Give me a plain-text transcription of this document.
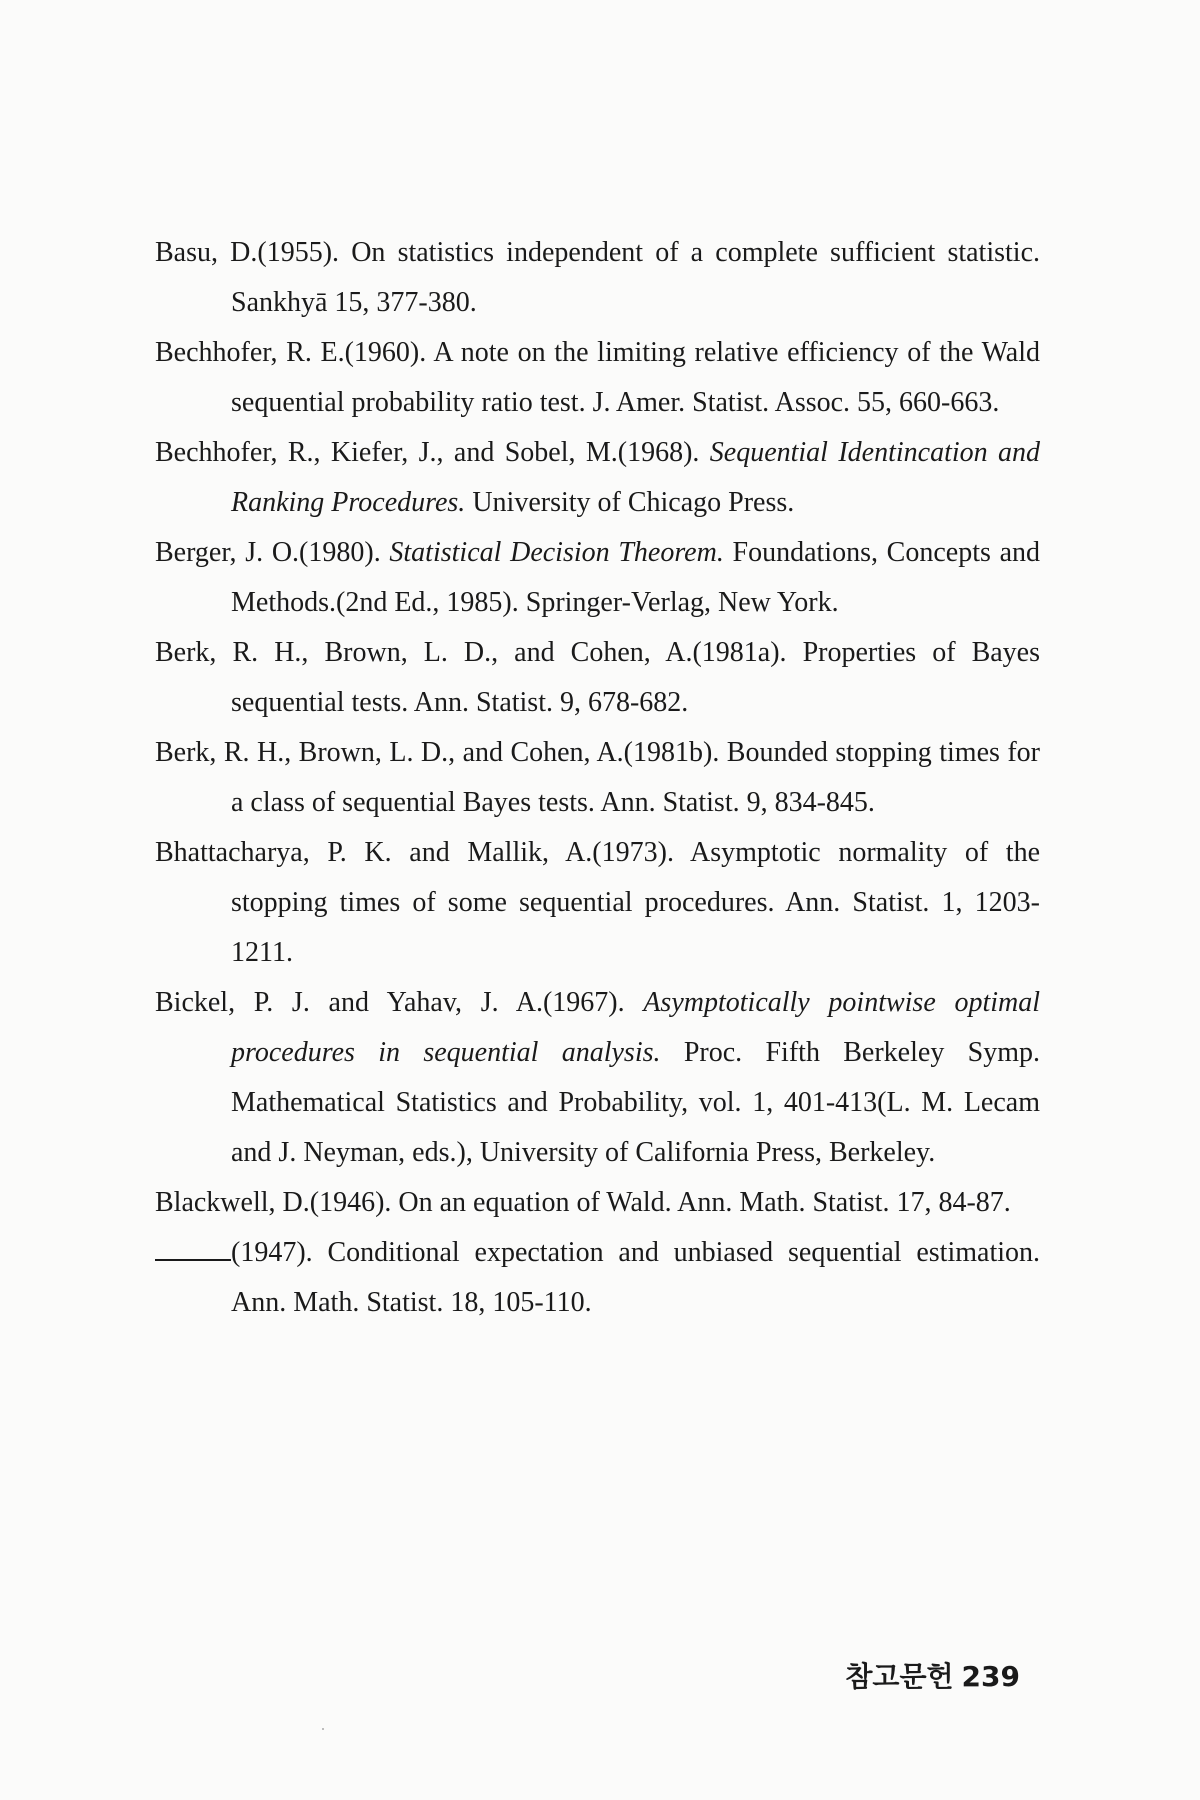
Basu, D.(1955). On statistics independent of a complete sufficient statistic. Sankhyā 15, 377-380.

Bechhofer, R. E.(1960). A note on the limiting relative efficiency of the Wald sequential probability ratio test. J. Amer. Statist. Assoc. 55, 660-663.

Bechhofer, R., Kiefer, J., and Sobel, M.(1968). Sequential Identincation and Ranking Procedures. University of Chicago Press.

Berger, J. O.(1980). Statistical Decision Theorem. Foundations, Concepts and Methods.(2nd Ed., 1985). Springer-Verlag, New York.

Berk, R. H., Brown, L. D., and Cohen, A.(1981a). Properties of Bayes sequential tests. Ann. Statist. 9, 678-682.

Berk, R. H., Brown, L. D., and Cohen, A.(1981b). Bounded stopping times for a class of sequential Bayes tests. Ann. Statist. 9, 834-845.

Bhattacharya, P. K. and Mallik, A.(1973). Asymptotic normality of the stopping times of some sequential procedures. Ann. Statist. 1, 1203-1211.

Bickel, P. J. and Yahav, J. A.(1967). Asymptotically pointwise optimal procedures in sequential analysis. Proc. Fifth Berkeley Symp. Mathematical Statistics and Probability, vol. 1, 401-413(L. M. Lecam and J. Neyman, eds.), University of California Press, Berkeley.

Blackwell, D.(1946). On an equation of Wald. Ann. Math. Statist. 17, 84-87.

(1947). Conditional expectation and unbiased sequential estimation. Ann. Math. Statist. 18, 105-110.

참고문헌 239
